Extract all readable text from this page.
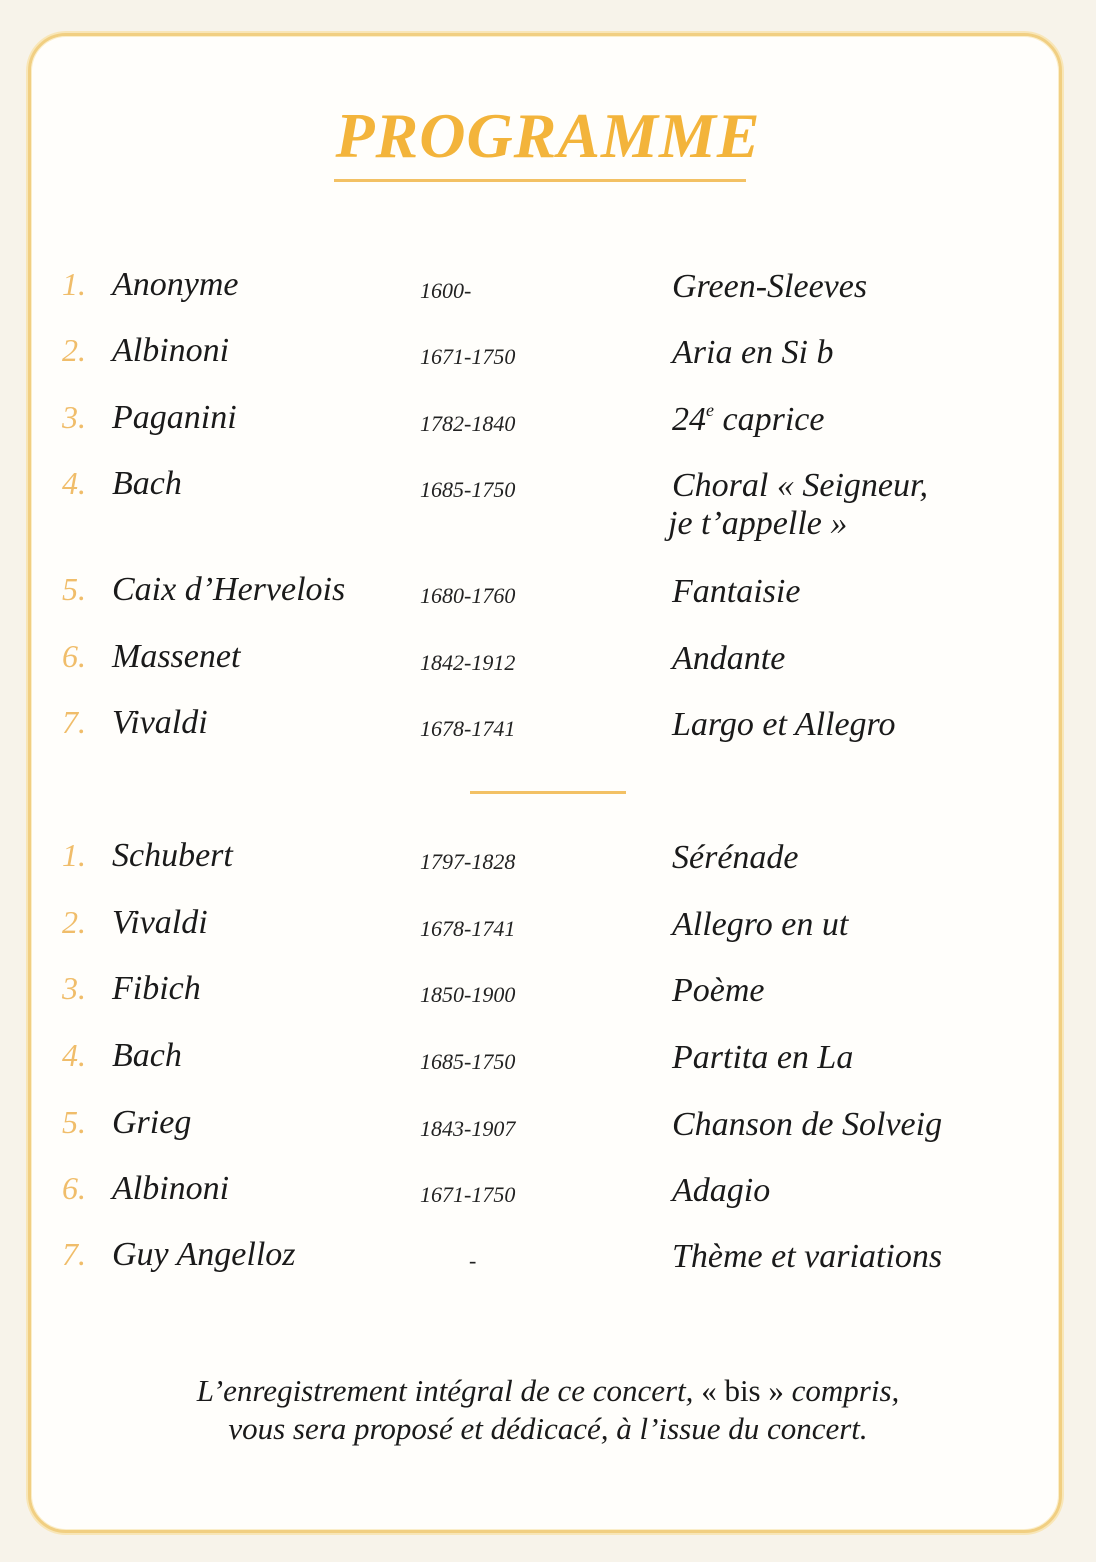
PROGRAMME
1. Anonyme	1600-	Green-Sleeves
2. Albinoni	1671-1750	Aria en Si b
3. Paganini	1782-1840	24e caprice
4. Bach	1685-1750	Choral « Seigneur,
je t’appelle »
5. Caix d’Hervelois	1680-1760	Fantaisie
6. Massenet	1842-1912	Andante
7. Vivaldi	1678-1741	Largo et Allegro
1. Schubert	1797-1828	Sérénade
2. Vivaldi	1678-1741	Allegro en ut
3. Fibich	1850-1900	Poème
4. Bach	1685-1750	Partita en La
5. Grieg	1843-1907	Chanson de Solveig
6. Albinoni	1671-1750	Adagio
7. Guy Angelloz	-	Thème et variations
L’enregistrement intégral de ce concert, « bis » compris,
vous sera proposé et dédicacé, à l’issue du concert.
